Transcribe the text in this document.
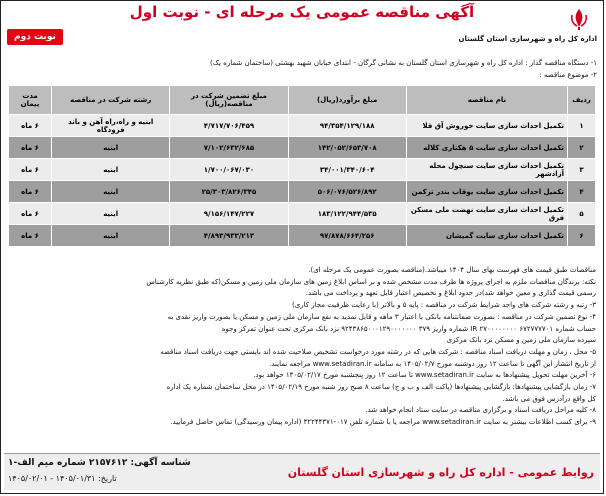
اداره کل راه و شهرسازی استان گلستان
آگهی مناقصه عمومی یک مرحله ای - نوبت اول
نوبت دوم
۱- دستگاه مناقصه گذار : اداره کل راه و شهرسازی استان گلستان به نشانی گرگان - ابتدای خیابان شهید بهشتی (ساختمان شماره یک)
۲- موضوع مناقصه :
ردیف	نام مناقصه	مبلغ برآورد(ریال)	مبلغ تضمین شرکت در مناقصه(ریال)	رشته شرکت در مناقصه	مدت پیمان
۱	تکمیل احداث سازی سایت خوروش آق قلا	۹۴/۳۵۴/۱۲۹/۱۸۸	۴/۷۱۷/۷۰۶/۴۵۹	ابنیه و راه،راه آهن و باند فرودگاه	۶ ماه
۲	تکمیل احداث سازی سایت ۵ هکتاری کلاله	۱۴۲/۰۵۲/۶۵۳/۷۰۸	۷/۱۰۲/۶۳۲/۶۸۵	ابنیه	۶ ماه
۳	تکمیل احداث سازی سایت سنچول محله آزادشهر	۳۴/۰۰۱/۳۴۰/۶۰۴	۱/۷۰۰/۰۶۷/۰۳۰	ابنیه	۶ ماه
۴	تکمیل احداث سازی سایت یوقاب بندر ترکمن	۵۰۶/۰۷۶/۵۲۶/۸۹۲	۲۵/۳۰۳/۸۲۶/۳۴۵	ابنیه	۶ ماه
۵	تکمیل احداث سازی سایت نهضت ملی مسکن فرق	۱۸۳/۱۲۲/۹۴۴/۵۳۵	۹/۱۵۶/۱۴۷/۲۲۷	ابنیه	۶ ماه
۶	تکمیل احداث سازی سایت گمیشان	۹۷/۸۷۸/۶۶۴/۲۵۶	۴/۸۹۳/۹۳۳/۲۱۳	ابنیه	۶ ماه
مناقصات طبق قیمت های فهرست بهای سال ۱۴۰۴ میباشد.(مناقصه بصورت عمومی یک مرحله ای).
نکته: برندگان مناقصات ملزم به اجرای پروژه ها طرف مدت مشخص شده و بر اساس ابلاغ زمین های سازمان ملی زمین و مسکن(که طبق نظریه کارشناس
رسمی قیمت گذاری و معین خواهد شد)در حدود ابلاغ و تخصیص اعتبار قابل تعهد و پرداخت می باشد.
۳- رتبه و رشته شرکت های واجد شرایط شرکت در مناقصه : پایه ۵ و بالاتر (با رعایت ظرفیت مجاز کاری)
۴- نوع تضمین شرکت در مناقصه : بصورت ضمانتنامه بانکی با اعتبار ۳ ماهه و قابل تمدید به نفع سازمان ملی زمین و مسکن یا بصورت واریز نقدی به
حساب شماره ۶۷۲۷۷۷۷۰۱ ۲۷۰۰۰۰۰۰۰۰ IR شماره واریز ۳۷۹ ۹۲۴۳۸۶۵۰۰۰۱۲۹۰۰۰۰۰۰۰ نزد بانک مرکزی تحت عنوان تمرکز وجوه
سپرده سازمان ملی زمین و مسکن نزد بانک مرکزی
۵- محل ، زمان و مهلت دریافت اسناد مناقصه : شرکت هایی که در رشته مورد درخواست تشخیص صلاحیت شده اند بایستی جهت دریافت اسناد مناقصه
از تاریخ انتشار این آگهی تا ساعت ۱۲ روز دوشنبه مورخ ۱۴۰۵/۰۲/۷ به سامانه www.setadiran.ir مراجعه نمایند.
۶- آخرین مهلت تحویل پیشنهادها به سایت www.setadiran.ir تا ساعت ۱۲ روز پنجشنبه مورخ ۱۴۰۵/۰۲/۱۷ خواهد بود.
۷- زمان بازگشایی پیشنهادها: بازگشایی پیشنهادها (پاکت الف و ب و ج) ساعت ۸ صبح روز شنبه مورخ ۱۴۰۵/۰۲/۱۹ در محل ساختمان شماره یک اداره
کل واقع درآدرس فوق می باشد.
۸- کلیه مراحل دریافت اسناد و برگزاری مناقصه در سایت ستاد انجام خواهد شد.
۹- برای کسب اطلاعات بیشتر به سایت www.setadiran.ir مراجعه یا با شماره تلفن ۰۱۷-۳۲۲۴۴۳۷۱ (اداره پیمان ورسیدگی) تماس حاصل فرمایید.
روابط عمومی - اداره کل راه و شهرسازی استان گلستان
شناسه آگهی: ۲۱۵۷۶۱۲ شماره میم الف-۱
تاریخ: ۱۴۰۵/۰۱/۳۱ - ۱۴۰۵/۰۲/۰۱
